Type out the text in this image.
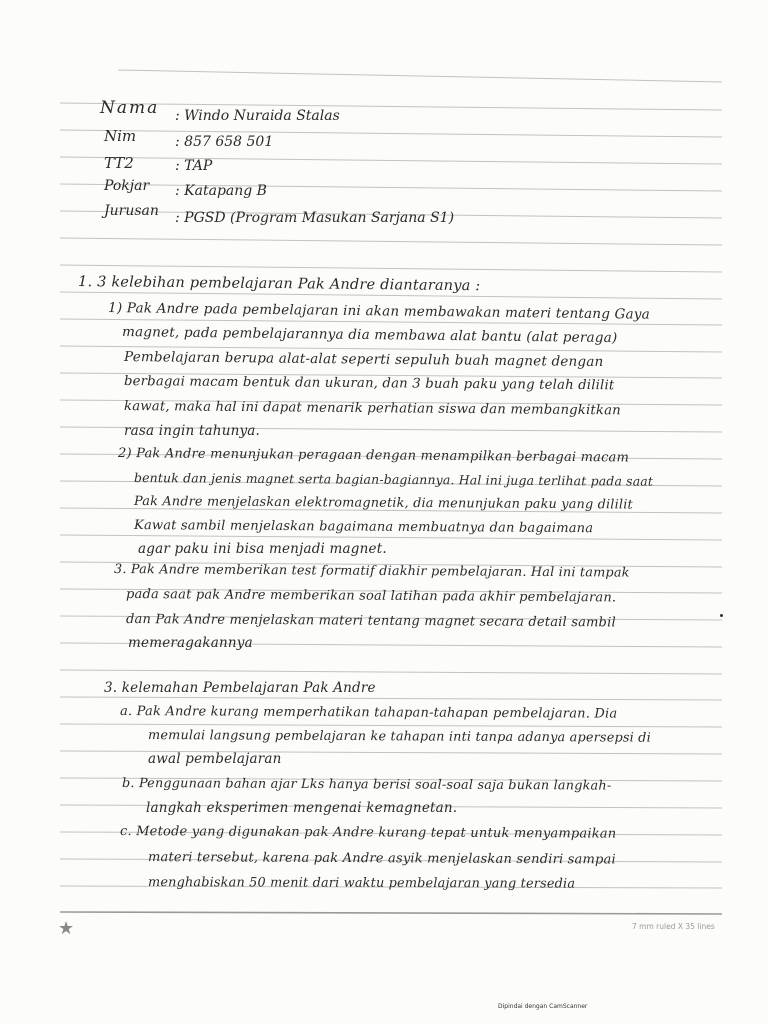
Nama : Windo Nuraida Stalas
Nim	: 857 658 501
TT2	: TAP
Pokjar : Katapang B
Jurusan : PGSD (Program Masukan Sarjana S1)
1. 3 kelebihan pembelajaran Pak Andre diantaranya :
1) Pak Andre pada pembelajaran ini akan membawakan materi tentang Gaya
magnet, pada pembelajarannya dia membawa alat bantu (alat peraga)
Pembelajaran berupa alat-alat seperti sepuluh buah magnet dengan
berbagai macam bentuk dan ukuran, dan 3 buah paku yang telah dililit
kawat, maka hal ini dapat menarik perhatian siswa dan membangkitkan
rasa ingin tahunya.
2) Pak Andre menunjukan peragaan dengan menampilkan berbagai macam
bentuk dan jenis magnet serta bagian-bagiannya. Hal ini juga terlihat pada saat
Pak Andre menjelaskan elektromagnetik, dia menunjukan paku yang dililit
Kawat sambil menjelaskan bagaimana membuatnya dan bagaimana
agar paku ini bisa menjadi magnet.
3. Pak Andre memberikan test formatif diakhir pembelajaran. Hal ini tampak
pada saat pak Andre memberikan soal latihan pada akhir pembelajaran.
dan Pak Andre menjelaskan materi tentang magnet secara detail sambil
memeragakannya
3. kelemahan Pembelajaran Pak Andre
a. Pak Andre kurang memperhatikan tahapan-tahapan pembelajaran. Dia
memulai langsung pembelajaran ke tahapan inti tanpa adanya apersepsi di
awal pembelajaran
b. Penggunaan bahan ajar Lks hanya berisi soal-soal saja bukan langkah-
langkah eksperimen mengenai kemagnetan.
c. Metode yang digunakan pak Andre kurang tepat untuk menyampaikan
materi tersebut, karena pak Andre asyik menjelaskan sendiri sampai
menghabiskan 50 menit dari waktu pembelajaran yang tersedia
★	7 mm ruled X 35 lines
Dipindai dengan CamScanner
